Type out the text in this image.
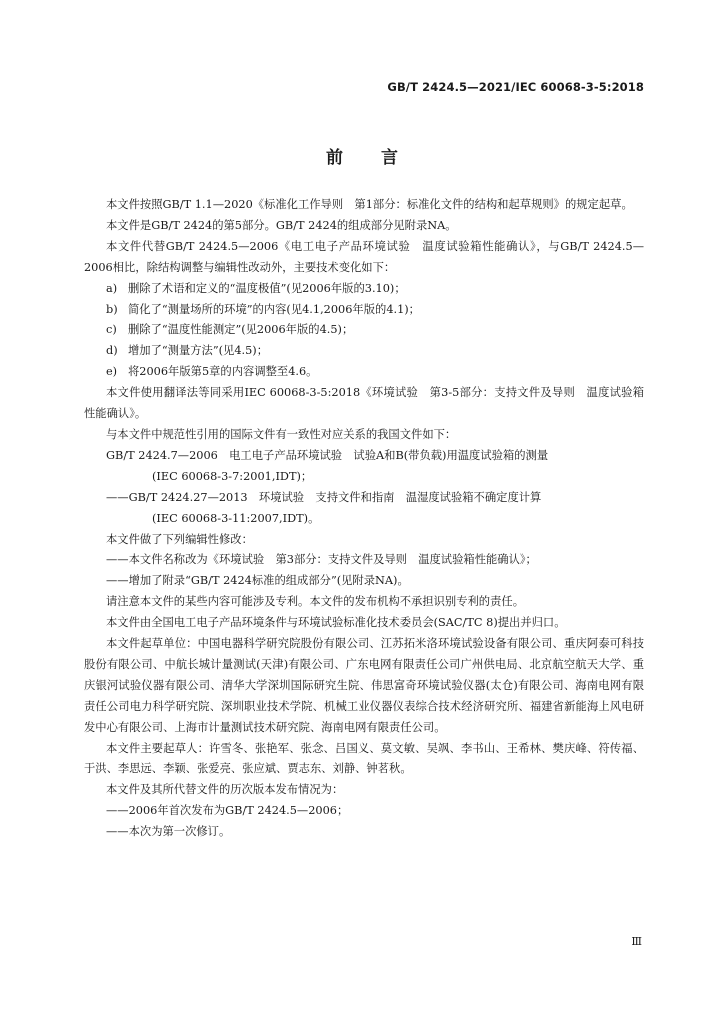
GB/T 2424.5—2021/IEC 60068-3-5:2018
前言

本文件按照GB/T 1.1—2020《标准化工作导则　第1部分：标准化文件的结构和起草规则》的规定起草。

本文件是GB/T 2424的第5部分。GB/T 2424的组成部分见附录NA。

本文件代替GB/T 2424.5—2006《电工电子产品环境试验　温度试验箱性能确认》，与GB/T 2424.5—2006相比，除结构调整与编辑性改动外，主要技术变化如下：

a) 删除了术语和定义的“温度极值”(见2006年版的3.10)；
b) 简化了“测量场所的环境”的内容(见4.1,2006年版的4.1)；
c) 删除了“温度性能测定”(见2006年版的4.5)；
d) 增加了“测量方法”(见4.5)；
e) 将2006年版第5章的内容调整至4.6。

本文件使用翻译法等同采用IEC 60068-3-5:2018《环境试验　第3-5部分：支持文件及导则　温度试验箱性能确认》。

与本文件中规范性引用的国际文件有一致性对应关系的我国文件如下：

GB/T 2424.7—2006　电工电子产品环境试验　试验A和B(带负载)用温度试验箱的测量
(IEC 60068-3-7:2001,IDT)；
——GB/T 2424.27—2013　环境试验　支持文件和指南　温湿度试验箱不确定度计算
(IEC 60068-3-11:2007,IDT)。

本文件做了下列编辑性修改：

——本文件名称改为《环境试验　第3部分：支持文件及导则　温度试验箱性能确认》；
——增加了附录“GB/T 2424标准的组成部分”(见附录NA)。

请注意本文件的某些内容可能涉及专利。本文件的发布机构不承担识别专利的责任。

本文件由全国电工电子产品环境条件与环境试验标准化技术委员会(SAC/TC 8)提出并归口。

本文件起草单位：中国电器科学研究院股份有限公司、江苏拓米洛环境试验设备有限公司、重庆阿泰可科技股份有限公司、中航长城计量测试(天津)有限公司、广东电网有限责任公司广州供电局、北京航空航天大学、重庆银河试验仪器有限公司、清华大学深圳国际研究生院、伟思富奇环境试验仪器(太仓)有限公司、海南电网有限责任公司电力科学研究院、深圳职业技术学院、机械工业仪器仪表综合技术经济研究所、福建省新能海上风电研发中心有限公司、上海市计量测试技术研究院、海南电网有限责任公司。

本文件主要起草人：许雪冬、张艳军、张念、吕国义、莫文敏、吴飒、李书山、王希林、樊庆峰、符传福、于洪、李思远、李颖、张爱亮、张应斌、贾志东、刘静、钟茗秋。

本文件及其所代替文件的历次版本发布情况为：

——2006年首次发布为GB/T 2424.5—2006；
——本次为第一次修订。
Ⅲ
